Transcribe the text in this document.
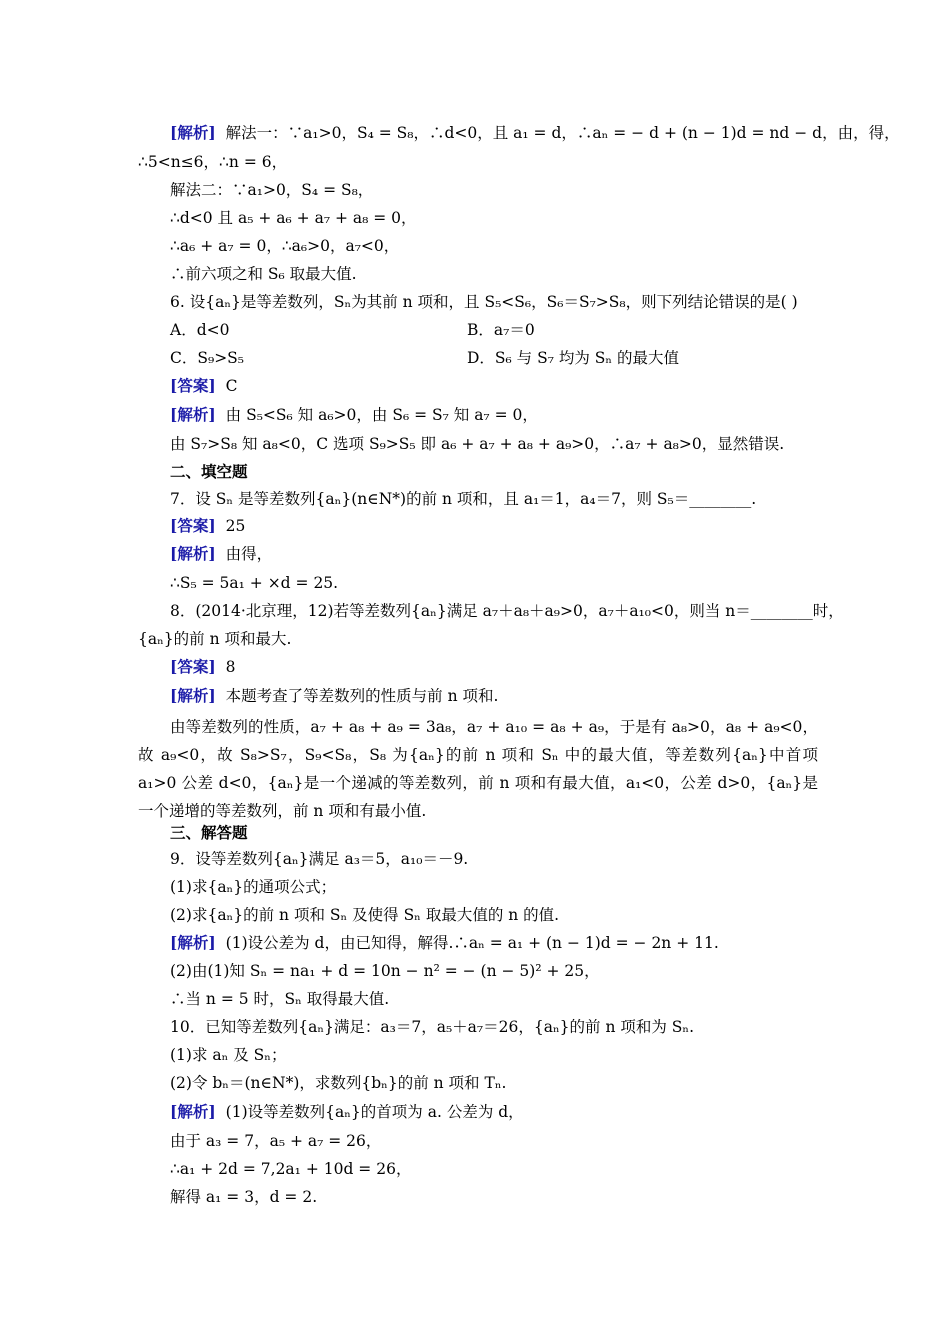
[解析] 解法一：∵a₁>0，S₄ = S₈，∴d<0，且 a₁ = d，∴aₙ = − d + (n − 1)d = nd − d，由，得，
∴5<n≤6，∴n = 6，
解法二：∵a₁>0，S₄ = S₈，
∴d<0 且 a₅ + a₆ + a₇ + a₈ = 0，
∴a₆ + a₇ = 0，∴a₆>0，a₇<0，
∴前六项之和 S₆ 取最大值.
6. 设{aₙ}是等差数列，Sₙ为其前 n 项和，且 S₅<S₆，S₆＝S₇>S₈，则下列结论错误的是( )
A．d<0	B．a₇＝0
C．S₉>S₅	D．S₆ 与 S₇ 均为 Sₙ 的最大值
[答案] C
[解析] 由 S₅<S₆ 知 a₆>0，由 S₆ = S₇ 知 a₇ = 0，
由 S₇>S₈ 知 a₈<0，C 选项 S₉>S₅ 即 a₆ + a₇ + a₈ + a₉>0，∴a₇ + a₈>0，显然错误.
二、填空题
7．设 Sₙ 是等差数列{aₙ}(n∈N*)的前 n 项和，且 a₁＝1，a₄＝7，则 S₅＝________.
[答案] 25
[解析] 由得，
∴S₅ = 5a₁ + ×d = 25.
8．(2014·北京理，12)若等差数列{aₙ}满足 a₇＋a₈＋a₉>0，a₇＋a₁₀<0，则当 n＝________时，
{aₙ}的前 n 项和最大.
[答案] 8
[解析] 本题考查了等差数列的性质与前 n 项和.
由等差数列的性质，a₇ + a₈ + a₉ = 3a₈，a₇ + a₁₀ = a₈ + a₉，于是有 a₈>0，a₈ + a₉<0，故 a₉<0，故 S₈>S₇，S₉<S₈，S₈ 为{aₙ}的前 n 项和 Sₙ 中的最大值，等差数列{aₙ}中首项 a₁>0 公差 d<0，{aₙ}是一个递减的等差数列，前 n 项和有最大值，a₁<0，公差 d>0，{aₙ}是一个递增的等差数列，前 n 项和有最小值.
三、解答题
9．设等差数列{aₙ}满足 a₃＝5，a₁₀＝－9.
(1)求{aₙ}的通项公式；
(2)求{aₙ}的前 n 项和 Sₙ 及使得 Sₙ 取最大值的 n 的值.
[解析] (1)设公差为 d，由已知得，解得.∴aₙ = a₁ + (n − 1)d = − 2n + 11.
(2)由(1)知 Sₙ = na₁ + d = 10n − n² = − (n − 5)² + 25，
∴当 n = 5 时，Sₙ 取得最大值.
10．已知等差数列{aₙ}满足：a₃＝7，a₅＋a₇＝26，{aₙ}的前 n 项和为 Sₙ.
(1)求 aₙ 及 Sₙ；
(2)令 bₙ＝(n∈N*)，求数列{bₙ}的前 n 项和 Tₙ.
[解析] (1)设等差数列{aₙ}的首项为 a. 公差为 d，
由于 a₃ = 7，a₅ + a₇ = 26，
∴a₁ + 2d = 7,2a₁ + 10d = 26，
解得 a₁ = 3，d = 2.
